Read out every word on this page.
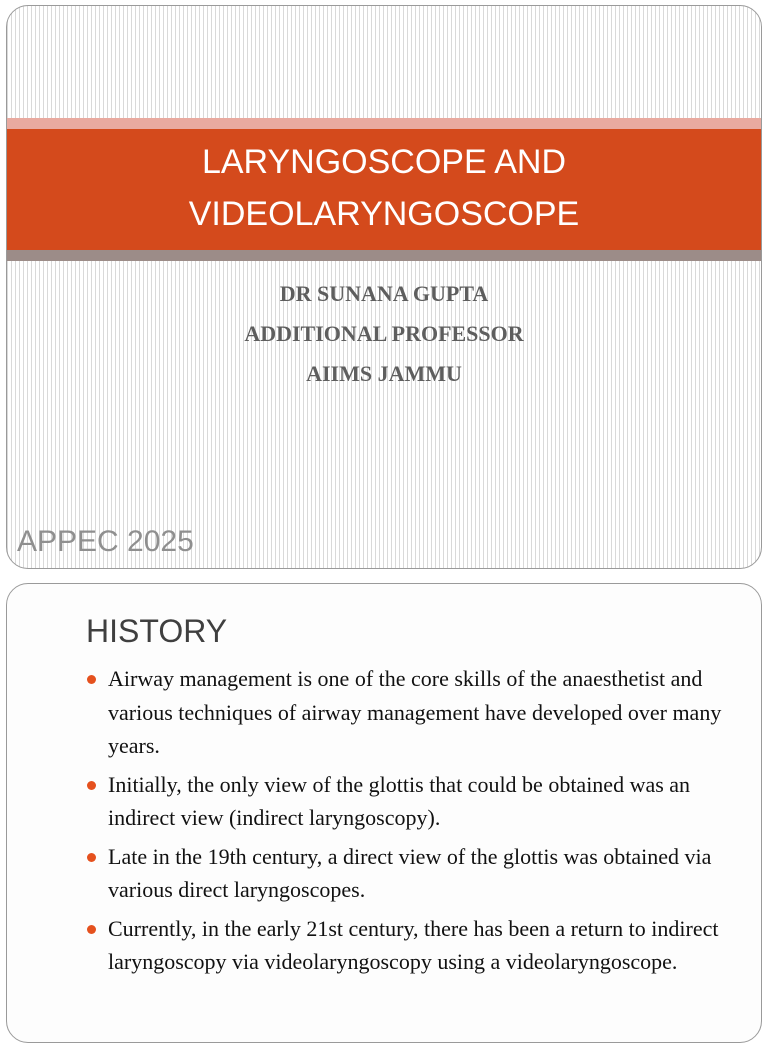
LARYNGOSCOPE AND
VIDEOLARYNGOSCOPE
DR SUNANA GUPTA
ADDITIONAL PROFESSOR
AIIMS JAMMU
APPEC 2025
HISTORY
Airway management is one of the core skills of the anaesthetist and various techniques of airway management have developed over many years.
Initially, the only view of the glottis that could be obtained was an indirect view (indirect laryngoscopy).
Late in the 19th century, a direct view of the glottis was obtained via various direct laryngoscopes.
Currently, in the early 21st century, there has been a return to indirect laryngoscopy via videolaryngoscopy using a videolaryngoscope.
